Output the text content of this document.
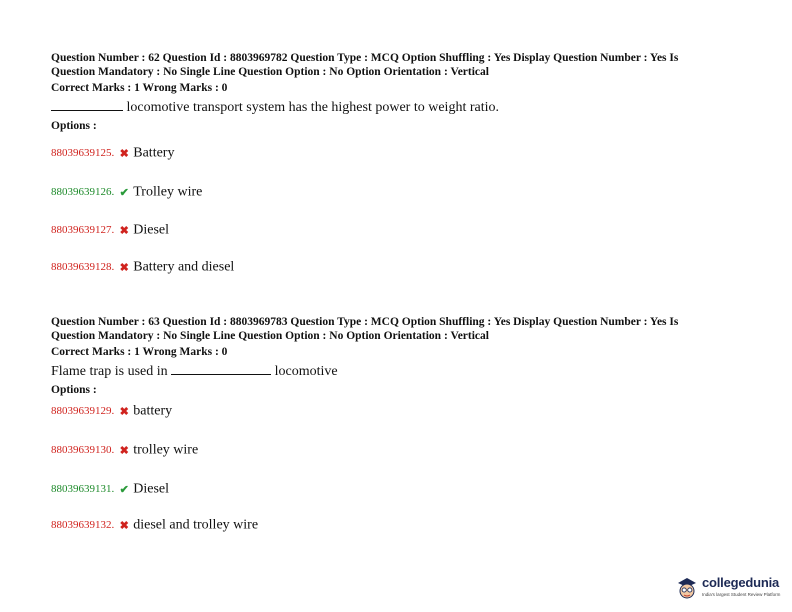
Question Number : 62 Question Id : 8803969782 Question Type : MCQ Option Shuffling : Yes Display Question Number : Yes Is

Question Mandatory : No Single Line Question Option : No Option Orientation : Vertical

Correct Marks : 1 Wrong Marks : 0
locomotive transport system has the highest power to weight ratio.
Options :
88039639125. ✖ Battery
88039639126. ✔ Trolley wire
88039639127. ✖ Diesel
88039639128. ✖ Battery and diesel

Question Number : 63 Question Id : 8803969783 Question Type : MCQ Option Shuffling : Yes Display Question Number : Yes Is

Question Mandatory : No Single Line Question Option : No Option Orientation : Vertical

Correct Marks : 1 Wrong Marks : 0
Flame trap is used in	locomotive
Options :
88039639129. ✖ battery
88039639130. ✖ trolley wire
88039639131. ✔ Diesel
88039639132. ✖ diesel and trolley wire
collegedunia
India's largest Student Review Platform
